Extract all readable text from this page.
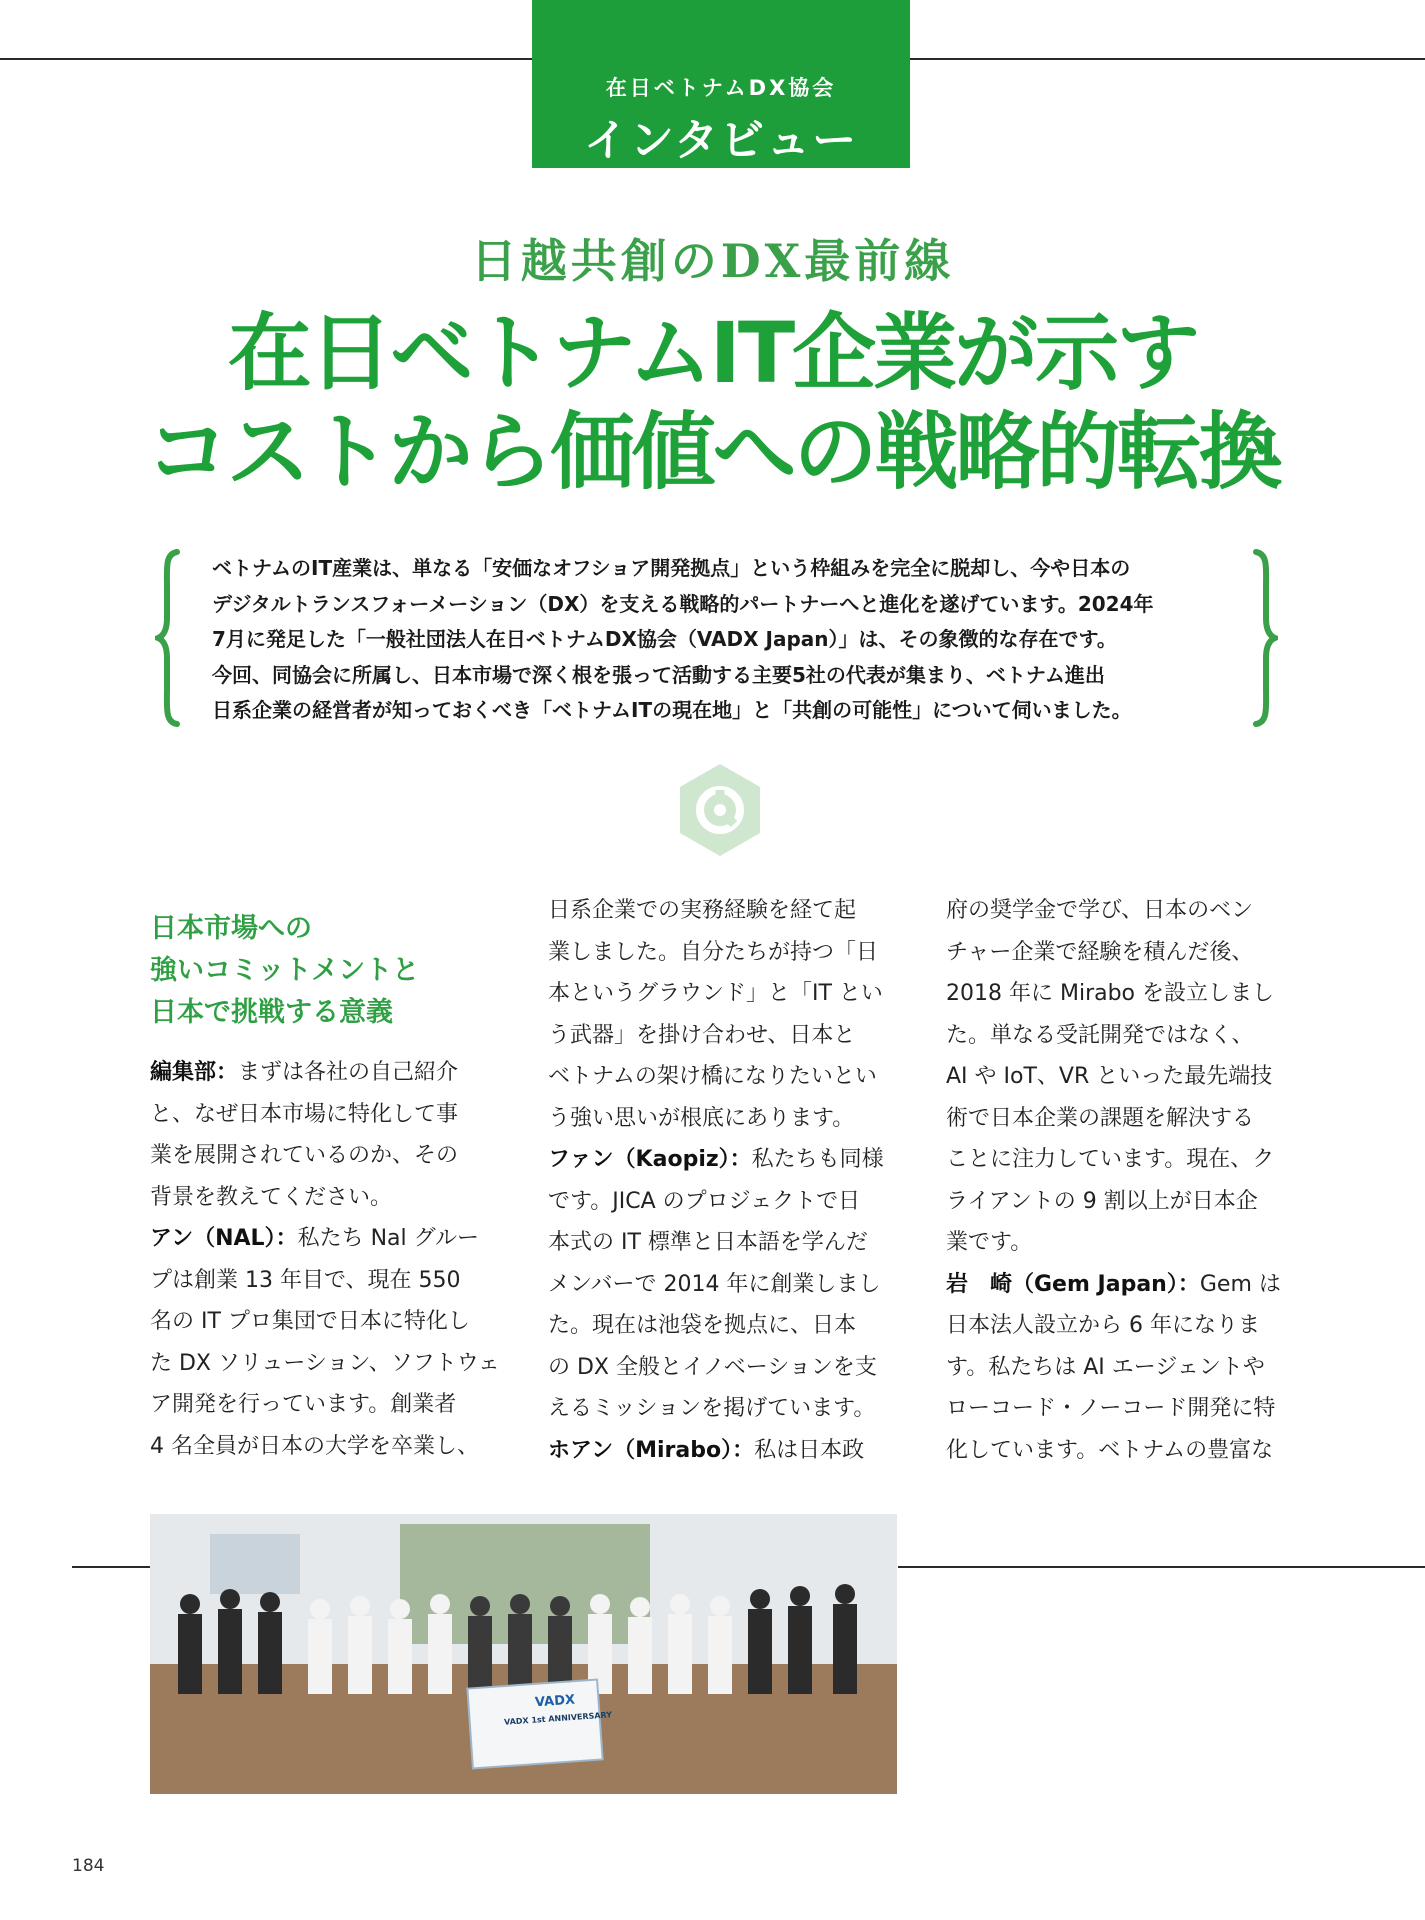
在日ベトナムDX協会
インタビュー
日越共創のDX最前線
在日ベトナムIT企業が示す
コストから価値への戦略的転換
ベトナムのIT産業は、単なる「安価なオフショア開発拠点」という枠組みを完全に脱却し、今や日本の
デジタルトランスフォーメーション（DX）を支える戦略的パートナーへと進化を遂げています。2024年
7月に発足した「一般社団法人在日ベトナムDX協会（VADX Japan）」は、その象徴的な存在です。
今回、同協会に所属し、日本市場で深く根を張って活動する主要5社の代表が集まり、ベトナム進出
日系企業の経営者が知っておくべき「ベトナムITの現在地」と「共創の可能性」について伺いました。
日本市場への
強いコミットメントと
日本で挑戦する意義

編集部：まずは各社の自己紹介
と、なぜ日本市場に特化して事
業を展開されているのか、その
背景を教えてください。

アン（NAL）：私たち Nal グルー
プは創業 13 年目で、現在 550
名の IT プロ集団で日本に特化し
た DX ソリューション、ソフトウェ
ア開発を行っています。創業者
4 名全員が日本の大学を卒業し、

日系企業での実務経験を経て起
業しました。自分たちが持つ「日
本というグラウンド」と「IT とい
う武器」を掛け合わせ、日本と
ベトナムの架け橋になりたいとい
う強い思いが根底にあります。

ファン（Kaopiz）：私たちも同様
です。JICA のプロジェクトで日
本式の IT 標準と日本語を学んだ
メンバーで 2014 年に創業しまし
た。現在は池袋を拠点に、日本
の DX 全般とイノベーションを支
えるミッションを掲げています。

ホアン（Mirabo）：私は日本政

府の奨学金で学び、日本のベン
チャー企業で経験を積んだ後、
2018 年に Mirabo を設立しまし
た。単なる受託開発ではなく、
AI や IoT、VR といった最先端技
術で日本企業の課題を解決する
ことに注力しています。現在、ク
ライアントの 9 割以上が日本企
業です。

岩　崎（Gem Japan）：Gem は
日本法人設立から 6 年になりま
す。私たちは AI エージェントや
ローコード・ノーコード開発に特
化しています。ベトナムの豊富な

VADX
VADX 1st ANNIVERSARY
184
